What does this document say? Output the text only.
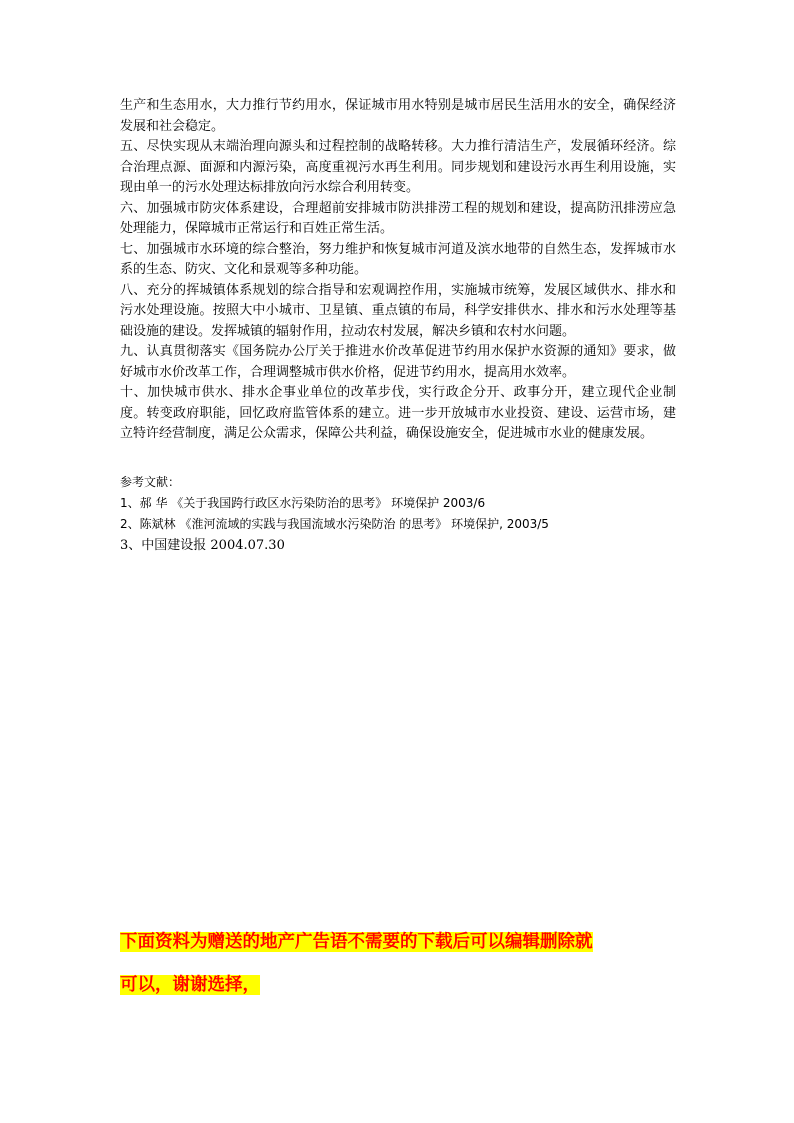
生产和生态用水，大力推行节约用水，保证城市用水特别是城市居民生活用水的安全，确保经济发展和社会稳定。

五、尽快实现从末端治理向源头和过程控制的战略转移。大力推行清洁生产，发展循环经济。综合治理点源、面源和内源污染，高度重视污水再生利用。同步规划和建设污水再生利用设施，实现由单一的污水处理达标排放向污水综合利用转变。

六、加强城市防灾体系建设，合理超前安排城市防洪排涝工程的规划和建设，提高防汛排涝应急处理能力，保障城市正常运行和百姓正常生活。

七、加强城市水环境的综合整治，努力维护和恢复城市河道及滨水地带的自然生态，发挥城市水系的生态、防灾、文化和景观等多种功能。

八、充分的挥城镇体系规划的综合指导和宏观调控作用，实施城市统筹，发展区域供水、排水和污水处理设施。按照大中小城市、卫星镇、重点镇的布局，科学安排供水、排水和污水处理等基础设施的建设。发挥城镇的辐射作用，拉动农村发展，解决乡镇和农村水问题。

九、认真贯彻落实《国务院办公厅关于推进水价改革促进节约用水保护水资源的通知》要求，做好城市水价改革工作，合理调整城市供水价格，促进节约用水，提高用水效率。

十、加快城市供水、排水企事业单位的改革步伐，实行政企分开、政事分开，建立现代企业制度。转变政府职能，回忆政府监管体系的建立。进一步开放城市水业投资、建设、运营市场，建立特许经营制度，满足公众需求，保障公共利益，确保设施安全，促进城市水业的健康发展。

参考文献：

1、郝 华 《关于我国跨行政区水污染防治的思考》 环境保护 2003/6

2、陈斌林 《淮河流域的实践与我国流域水污染防治 的思考》 环境保护, 2003/5

3、中国建设报 2004.07.30

下面资料为赠送的地产广告语不需要的下载后可以编辑删除就

可以，谢谢选择，
